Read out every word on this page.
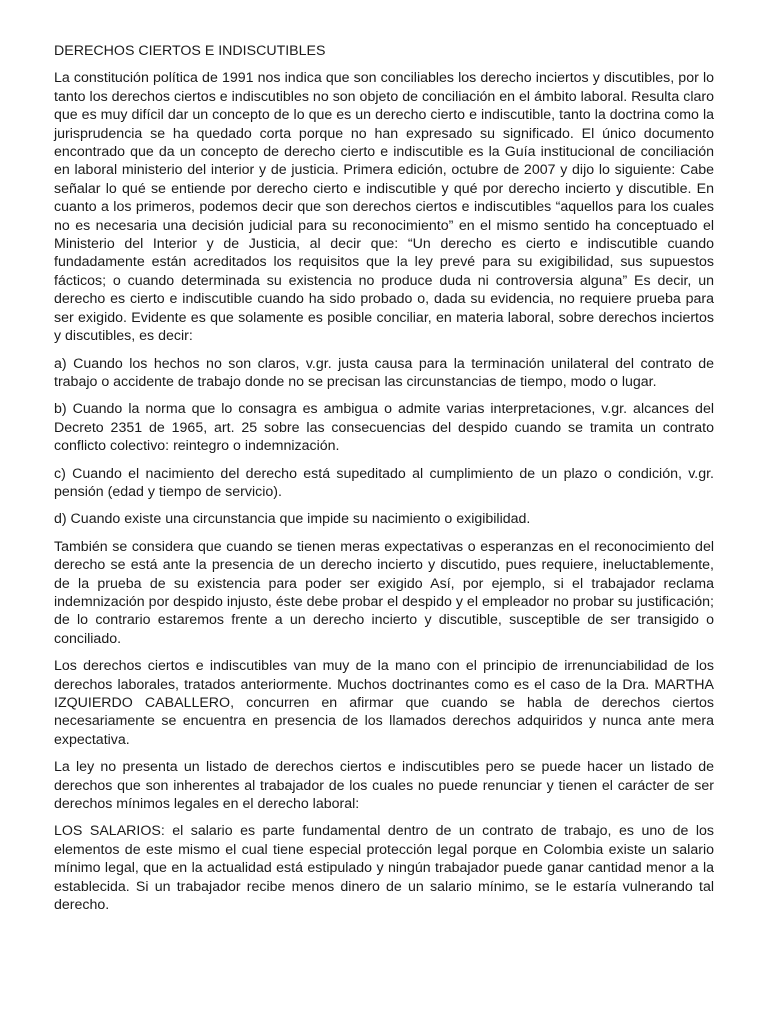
DERECHOS CIERTOS E INDISCUTIBLES

La constitución política de 1991 nos indica que son conciliables los derecho inciertos y discutibles, por lo tanto los derechos ciertos e indiscutibles no son objeto de conciliación en el ámbito laboral. Resulta claro que es muy difícil dar un concepto de lo que es un derecho cierto e indiscutible, tanto la doctrina como la jurisprudencia se ha quedado corta porque no han expresado su significado. El único documento encontrado que da un concepto de derecho cierto e indiscutible es la Guía institucional de conciliación en laboral ministerio del interior y de justicia. Primera edición, octubre de 2007 y dijo lo siguiente: Cabe señalar lo qué se entiende por derecho cierto e indiscutible y qué por derecho incierto y discutible. En cuanto a los primeros, podemos decir que son derechos ciertos e indiscutibles “aquellos para los cuales no es necesaria una decisión judicial para su reconocimiento” en el mismo sentido ha conceptuado el Ministerio del Interior y de Justicia, al decir que: “Un derecho es cierto e indiscutible cuando fundadamente están acreditados los requisitos que la ley prevé para su exigibilidad, sus supuestos fácticos; o cuando determinada su existencia no produce duda ni controversia alguna” Es decir, un derecho es cierto e indiscutible cuando ha sido probado o, dada su evidencia, no requiere prueba para ser exigido. Evidente es que solamente es posible conciliar, en materia laboral, sobre derechos inciertos y discutibles, es decir:

a) Cuando los hechos no son claros, v.gr. justa causa para la terminación unilateral del contrato de trabajo o accidente de trabajo donde no se precisan las circunstancias de tiempo, modo o lugar.

b) Cuando la norma que lo consagra es ambigua o admite varias interpretaciones, v.gr. alcances del Decreto 2351 de 1965, art. 25 sobre las consecuencias del despido cuando se tramita un contrato conflicto colectivo: reintegro o indemnización.

c) Cuando el nacimiento del derecho está supeditado al cumplimiento de un plazo o condición, v.gr. pensión (edad y tiempo de servicio).

d) Cuando existe una circunstancia que impide su nacimiento o exigibilidad.

También se considera que cuando se tienen meras expectativas o esperanzas en el reconocimiento del derecho se está ante la presencia de un derecho incierto y discutido, pues requiere, ineluctablemente, de la prueba de su existencia para poder ser exigido Así, por ejemplo, si el trabajador reclama indemnización por despido injusto, éste debe probar el despido y el empleador no probar su justificación; de lo contrario estaremos frente a un derecho incierto y discutible, susceptible de ser transigido o conciliado.

Los derechos ciertos e indiscutibles van muy de la mano con el principio de irrenunciabilidad de los derechos laborales, tratados anteriormente. Muchos doctrinantes como es el caso de la Dra. MARTHA IZQUIERDO CABALLERO, concurren en afirmar que cuando se habla de derechos ciertos necesariamente se encuentra en presencia de los llamados derechos adquiridos y nunca ante mera expectativa.

La ley no presenta un listado de derechos ciertos e indiscutibles pero se puede hacer un listado de derechos que son inherentes al trabajador de los cuales no puede renunciar y tienen el carácter de ser derechos mínimos legales en el derecho laboral:

LOS SALARIOS: el salario es parte fundamental dentro de un contrato de trabajo, es uno de los elementos de este mismo el cual tiene especial protección legal porque en Colombia existe un salario mínimo legal, que en la actualidad está estipulado y ningún trabajador puede ganar cantidad menor a la establecida. Si un trabajador recibe menos dinero de un salario mínimo, se le estaría vulnerando tal derecho.
